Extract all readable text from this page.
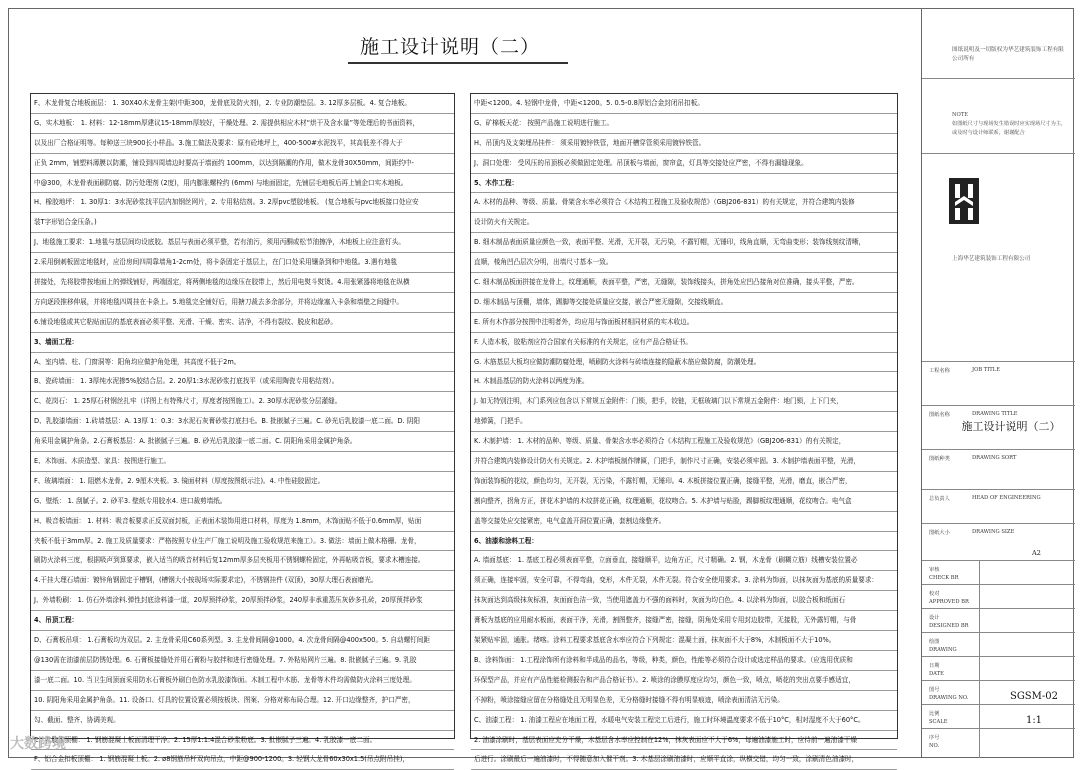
施工设计说明（二）
F、木龙骨复合地板面层： 1. 30X40木龙骨主架(中距300，龙骨底及防火剂)，2. 专业防潮垫层。3. 12厚多层板。4. 复合地板。
G、实木地板： 1. 材料：12-18mm厚建议15-18mm厚较好，干燥处理。2. 需提供相应木材“烘干及含水量”等处理后的书面资料，
以及出厂合格证明等。每种送三块900长小样品。3.施工做法及要求：原有砼地坪上，400-500#水泥找平，其高低差不得大于
正负 2mm，铺塑料薄膜以防潮，铺设到四周墙边时要高于墙面约 100mm，以达到隔潮的作用，做木龙骨30X50mm，间距约中-
中@300，木龙骨表面刷防腐、防污处理剂 (2度)，用内膨胀螺栓约 (6mm) 与地面固定，先铺层毛地板后再上铺企口实木地板。
H、橡胶地坪： 1. 30厚1：3水泥砂浆找平层内加钢丝网片，2. 专用粘结剂。3. 2厚pvc塑胶地板。 (复合地板与pvc地板接口处应安
装T字形铝合金压条。)
J、地毯施工要求：1.地毯与基层间均设底胶。基层与表面必须平整，若有油污，须用丙酮或松节油擦净，木地板上应注意钉头。
2.采用倒刺板固定地毯时，应沿房间四周靠墙角1-2cm处，将卡条固定于基层上，在门口处采用镶条到和中地毯。3.遇有地毯
拼接处，先将胶带按地面上的弹线铺好，两端固定，将两侧地毯的边缘压在胶带上，然后用电熨斗熨烫。4.用张紧器将地毯在纵横
方向逐段推移伸展，并将地毯四周挂在卡条上。5.地毯完全铺好后，用搪刀裁去多余部分，并将边缘塞入卡条和墙壁之间缝中。
6.铺设地毯或其它粘贴面层的基底表面必须平整、光滑、干燥、密实、洁净，不得有裂纹、脱皮和起砂。
3、墙面工程：
A、室内墙、柱、门窗洞等：阳角均应做护角处理，其高度不低于2m。
B、瓷砖墙面： 1. 3厚纯水泥掺5%胶结合层。2. 20厚1:3水泥砂浆打底找平（或采用陶瓷专用粘结剂）。
C、花岗石： 1. 25厚石材钢丝扎牢（详图上有特殊尺寸，厚度者按图施工）。2. 30厚水泥砂浆分层灌缝。
D、乳胶漆墙面：1.砖墙基层：A. 13厚 1：0.3：3水泥石灰膏砂浆打底扫毛。B. 批嵌腻子三遍。C. 砂光后乳胶漆一底二面。D. 阴阳
角采用金属护角条。2.石膏板基层：A. 批嵌腻子三遍。B. 砂光后乳胶漆一底二面。C. 阴阳角采用金属护角条。
E、木饰面、木质造型、家具：按图进行施工。
F、玻璃墙面： 1. 阻燃木龙骨。2. 9厘木夹板。3. 镜面材料（厚度按图纸示注)。4. 中性硅胶固定。
G、壁纸： 1. 刮腻子。2. 砂平3. 壁纸专用胶水4. 进口裁剪墙纸。
H、吸音板墙面： 1. 材料：吸音板要求正反双面封板，正表面木装饰用进口材料，厚度为 1.8mm，木饰面贴不低于0.6mm厚，贴面
夹板不低于3mm厚。2. 施工及质量要求：严格按照专业生产厂施工说明及施工验收规范来施工）。3. 做法：墙面上做木格栅、龙骨，
刷防火涂料三度，根据吸声到算要求，嵌入适当的吸音材料后复12mm厚多层夹板用不锈钢螺栓固定，外再帖吸音板，要求木槽连接。
4.干挂大理石墙面：镀锌角钢固定于槽钢，(槽钢大小按现场实际要求定)，不锈钢挂件 (双顶)，30厚大理石表面磨光。
J、外墙粉刷： 1. 仿石外墙涂料.弹性封底涂料漆一道，20厚预拌砂浆，20厚预拌砂浆，240厚非承重蒸压灰砂多孔砖，20厚预拌砂浆
4、吊顶工程：
D、石膏板吊项： 1.石膏板均为双层。2. 主龙骨采用C60系列型。3. 主龙骨间隔@1000。4. 次龙骨间隔@400x500。5. 自动螺钉间距
@130需在油漆前层防锈处理。6. 石膏板接缝处并用石膏粉与胶拌和进行密缝处理。7. 外粘贴网片三遍。8. 批嵌腻子三遍。9. 乳胶
漆一底二面。10. 当卫生间顶面采用防水石膏板外刷白色防水乳胶漆饰面。木制工程中木筋、龙骨等木件均需做防火涂料三度处理。
10. 阴阳角采用金属护角条。11. 设备口、灯具的位置设置必须按板块、图案、分格对称布局合理。12. 开口边缘整齐，护口严密，
勾、截面、整齐、协调美观。
E、乳胶漆顶棚： 1. 钢筋混凝土板面清理干净。2. 15厚1:1:4混合砂浆粉底。3. 批嵌腻子三遍。4. 乳胶漆一底二面。
F、铝合金扣板顶棚： 1. 钢筋混凝土板。2. ø8钢筋吊杆双向吊点，中距@900-1200。3. 轻钢大龙骨60x30x1.5(吊点附吊挂)，
中距<1200。4. 轻钢中龙骨，中距<1200。5. 0.5-0.8厚铝合金封闭吊扣板。
G、矿棉板天花： 按照产品施工说明进行施工。
H、吊顶内及支架埋吊挂件： 须采用镀锌铁管，地面开槽穿管须采用镀锌铁管。
J、洞口处理： 受风压的吊顶板必须做固定处理。吊顶板与墙面，窗帘盒，灯具等交接处应严密，不得有漏缝现象。
5、木作工程：
A. 木材的品种、等级、质量、骨架含水率必须符合《木结构工程施工及验收规范》（GBJ206-831）的有关规定，并符合建筑内装修
设计防火有关规定。
B. 细木制品表面质量应颜色一致，表面平整、光滑，无开裂，无污染，不露钉帽，无锤印，线角直顺，无弯曲变形；装饰线刻纹清晰，
直顺，棱角凹凸层次分明，出墙尺寸基本一致。
C. 细木制品板面拼接在龙骨上，纹理通顺，表面平整，严密，无缝隙，装饰线接头，拼角处应凹凸接角对位准确，接头平整，严密。
D. 细木制品与顶棚，墙体，踢脚等交接处质量应交接，嵌合严密无缝隙，交接线顺直。
E. 所有木作部分按图中注明者外，均应用与饰面板材相同材质的实木收边。
F. 人造木板，胶粘剂应符合国家有关标准的有关规定，应有产品合格证书。
G. 木筋基层大板均应做防潮防腐处理，喷刷防火涂料与砖墙连接的隐蔽木筋应做防腐，防潮处理。
H. 木制品基层的防火涂料以两度为准。
J. 如无特别注明，木门系列应包含以下常规五金附件：门锁，把手，铰链，无框玻璃门以下常规五金附件：地门锁，上下门夹，
地弹簧，门把手。
K. 木制护墙： 1. 木材的品种、等级、质量、骨架含水率必须符合《木结构工程施工及验收规范》（GBJ206-831）的有关规定，
并符合建筑内装修设计防火有关规定。2. 木护墙板制作牌匾，门把手，制作尺寸正确，安装必须牢固。3. 木制护墙表面平整，光滑，
饰面装饰板的花纹，颜色均匀，无开裂，无污染，不露钉帽，无锤印。4. 木板拼接位置正确，接缝平整，光滑，磨直，嵌合严密，
割向整齐，拐角方正，拼花木护墙的木纹拼花正确，纹理通顺，花纹吻合。5. 木护墙与贴脸，踢脚板纹理通顺，花纹吻合。电气盒
盖等交接处应交接紧密，电气盒盖开洞位置正确，套割边缘整齐。
6、油漆和涂料工程：
A. 墙面基底： 1. 基底工程必须表面平整，立面垂直，接缝顺平，边角方正，尺寸精确。2. 钢，木龙骨（刷糊立筋）线槽安装位置必
须正确，连接牢固，安全可靠，不得弯曲，变形，木件无裂，木件无裂。符合安全使用要求。3. 涂料为饰面，以抹灰面为基底的质量要求：
抹灰面达到高级抹灰标准，灰面面色洁一致，当使用遮盖力不强的面料时，灰面为均白色。4. 以涂料为饰面，以胶合板和纸面石
膏板为基底的应用耐水板面，表面干净，光滑，割图整齐，接缝严密，接缝，阴角处采用专用封边胶带，无接股，无外露钉帽，与骨
架紧贴牢固，通胀。绪喀。涂料工程要求基底含水率应符合下列规定：混凝土面，抹灰面不大于8%，木制板面不大于10%。
B、涂料饰面： 1.工程涂饰所有涂料和半成品的品名，等级，种类，颜色，性能等必须符合设计或选定样品的要求。（应选用优质和
环保型产品，并应有产品性能检测报告和产品合格证书）。2. 喷涂的涂膜厚度应均匀，颜色一致，喷点，喷花的突出点要手感适宜，
不掉粉，喷涂接缝应留在分格缝处且无明显色差，无分格缝时接缝不得有明显痕迹，喷涂表面清洁无污染。
C、油漆工程： 1. 油漆工程应在地面工程，水暖电气安装工程完工后进行，施工时环境温度要求不低于10°C，相对湿度不大于60°C。
2. 油漆涂刷时，基层表面应充分干燥，木基层含水率应控制在12%，抹灰表面应不大于6%，每遍油漆施工时，应待前一遍油漆干燥
后进行。涂刷最后一遍油漆时，不得随意加入催干剂。3. 木基层涂刷油漆时，应顺平直涂，纵横交错，均匀一致，涂刷清色油漆时，
图纸说明及一切版权为华艺建筑装饰工程有限公司所有
NOTE
如图纸尺寸与现场发生错误时应实现场尺寸为主，或及时与设计师联系，谢谢配合
上海华艺建筑装饰工程有限公司
工程名称	JOB TITLE
图纸名称	DRAWING TITLE
施工设计说明（二）
图纸种类	DRAWING SORT
总负责人	HEAD OF ENGINEERING
图纸大小	DRAWING SIZE
A2
审核
CHECK BR
校对
APPROVED BR
设计
DESIGNED BR
绘图
DRAWING
日期
DATE
图号
DRAWING NO.	SGSM-02
比例
SCALE	1:1
序号
NO.
大数跨境
